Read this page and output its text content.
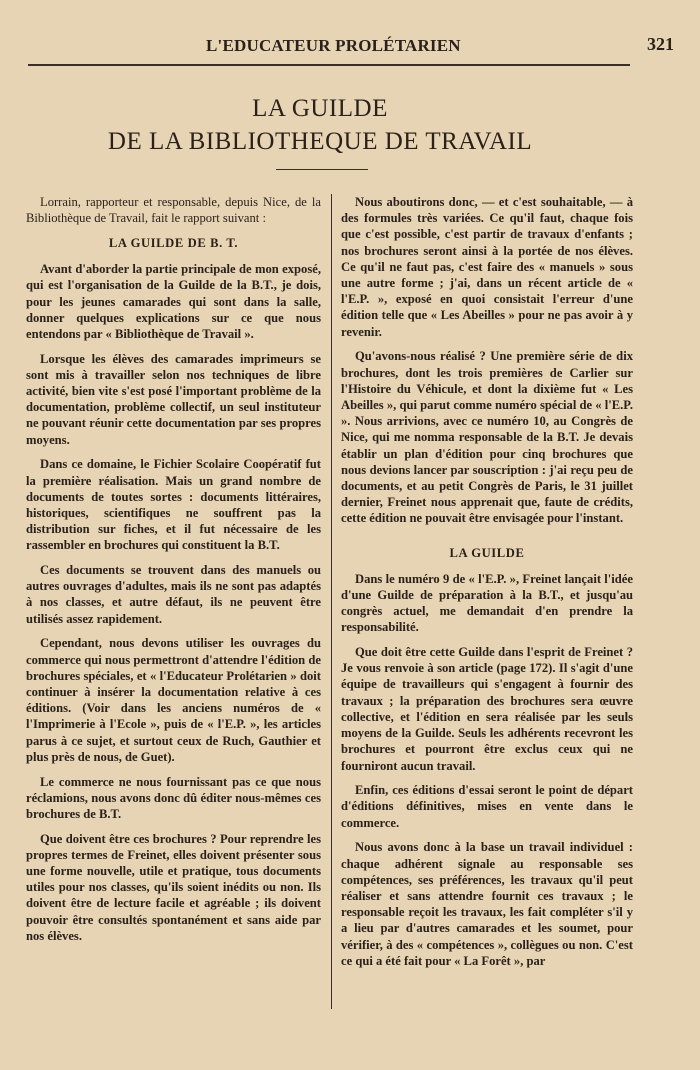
L'EDUCATEUR PROLÉTARIEN	321
LA GUILDE
DE LA BIBLIOTHEQUE DE TRAVAIL

Lorrain, rapporteur et responsable, depuis Nice, de la Bibliothèque de Travail, fait le rapport suivant :

LA GUILDE DE B. T.

Avant d'aborder la partie principale de mon exposé, qui est l'organisation de la Guilde de la B.T., je dois, pour les jeunes camarades qui sont dans la salle, donner quelques explications sur ce que nous entendons par « Bibliothèque de Travail ».

Lorsque les élèves des camarades imprimeurs se sont mis à travailler selon nos techniques de libre activité, bien vite s'est posé l'important problème de la documentation, problème collectif, un seul instituteur ne pouvant réunir cette documentation par ses propres moyens.

Dans ce domaine, le Fichier Scolaire Coopératif fut la première réalisation. Mais un grand nombre de documents de toutes sortes : documents littéraires, historiques, scientifiques ne souffrent pas la distribution sur fiches, et il fut nécessaire de les rassembler en brochures qui constituent la B.T.

Ces documents se trouvent dans des manuels ou autres ouvrages d'adultes, mais ils ne sont pas adaptés à nos classes, et autre défaut, ils ne peuvent être utilisés assez rapidement.

Cependant, nous devons utiliser les ouvrages du commerce qui nous permettront d'attendre l'édition de brochures spéciales, et « l'Educateur Prolétarien » doit continuer à insérer la documentation relative à ces éditions. (Voir dans les anciens numéros de « l'Imprimerie à l'Ecole », puis de « l'E.P. », les articles parus à ce sujet, et surtout ceux de Ruch, Gauthier et plus près de nous, de Guet).

Le commerce ne nous fournissant pas ce que nous réclamions, nous avons donc dû éditer nous-mêmes ces brochures de B.T.

Que doivent être ces brochures ? Pour reprendre les propres termes de Freinet, elles doivent présenter sous une forme nouvelle, utile et pratique, tous documents utiles pour nos classes, qu'ils soient inédits ou non. Ils doivent être de lecture facile et agréable ; ils doivent pouvoir être consultés spontanément et sans aide par nos élèves.

Nous aboutirons donc, — et c'est souhaitable, — à des formules très variées. Ce qu'il faut, chaque fois que c'est possible, c'est partir de travaux d'enfants ; nos brochures seront ainsi à la portée de nos élèves. Ce qu'il ne faut pas, c'est faire des « manuels » sous une autre forme ; j'ai, dans un récent article de « l'E.P. », exposé en quoi consistait l'erreur d'une édition telle que « Les Abeilles » pour ne pas avoir à y revenir.

Qu'avons-nous réalisé ? Une première série de dix brochures, dont les trois premières de Carlier sur l'Histoire du Véhicule, et dont la dixième fut « Les Abeilles », qui parut comme numéro spécial de « l'E.P. ». Nous arrivions, avec ce numéro 10, au Congrès de Nice, qui me nomma responsable de la B.T. Je devais établir un plan d'édition pour cinq brochures que nous devions lancer par souscription : j'ai reçu peu de documents, et au petit Congrès de Paris, le 31 juillet dernier, Freinet nous apprenait que, faute de crédits, cette édition ne pouvait être envisagée pour l'instant.

LA GUILDE

Dans le numéro 9 de « l'E.P. », Freinet lançait l'idée d'une Guilde de préparation à la B.T., et jusqu'au congrès actuel, me demandait d'en prendre la responsabilité.

Que doit être cette Guilde dans l'esprit de Freinet ? Je vous renvoie à son article (page 172). Il s'agit d'une équipe de travailleurs qui s'engagent à fournir des travaux ; la préparation des brochures sera œuvre collective, et l'édition en sera réalisée par les seuls moyens de la Guilde. Seuls les adhérents recevront les brochures et pourront être exclus ceux qui ne fourniront aucun travail.

Enfin, ces éditions d'essai seront le point de départ d'éditions définitives, mises en vente dans le commerce.

Nous avons donc à la base un travail individuel : chaque adhérent signale au responsable ses compétences, ses préférences, les travaux qu'il peut réaliser et sans attendre fournit ces travaux ; le responsable reçoit les travaux, les fait compléter s'il y a lieu par d'autres camarades et les soumet, pour vérifier, à des « compétences », collègues ou non. C'est ce qui a été fait pour « La Forêt », par
